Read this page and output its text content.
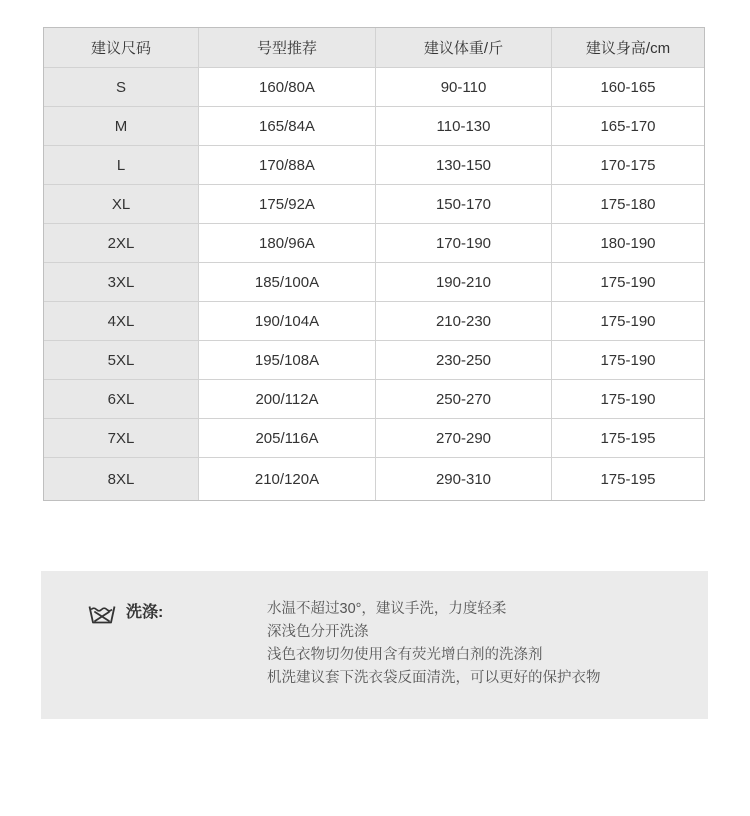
建议尺码	号型推荐	建议体重/斤	建议身高/cm
S	160/80A	90-110	160-165
M	165/84A	110-130	165-170
L	170/88A	130-150	170-175
XL	175/92A	150-170	175-180
2XL	180/96A	170-190	180-190
3XL	185/100A	190-210	175-190
4XL	190/104A	210-230	175-190
5XL	195/108A	230-250	175-190
6XL	200/112A	250-270	175-190
7XL	205/116A	270-290	175-195
8XL	210/120A	290-310	175-195
洗涤:	水温不超过30°，建议手洗，力度轻柔
深浅色分开洗涤
浅色衣物切勿使用含有荧光增白剂的洗涤剂
机洗建议套下洗衣袋反面清洗，可以更好的保护衣物
